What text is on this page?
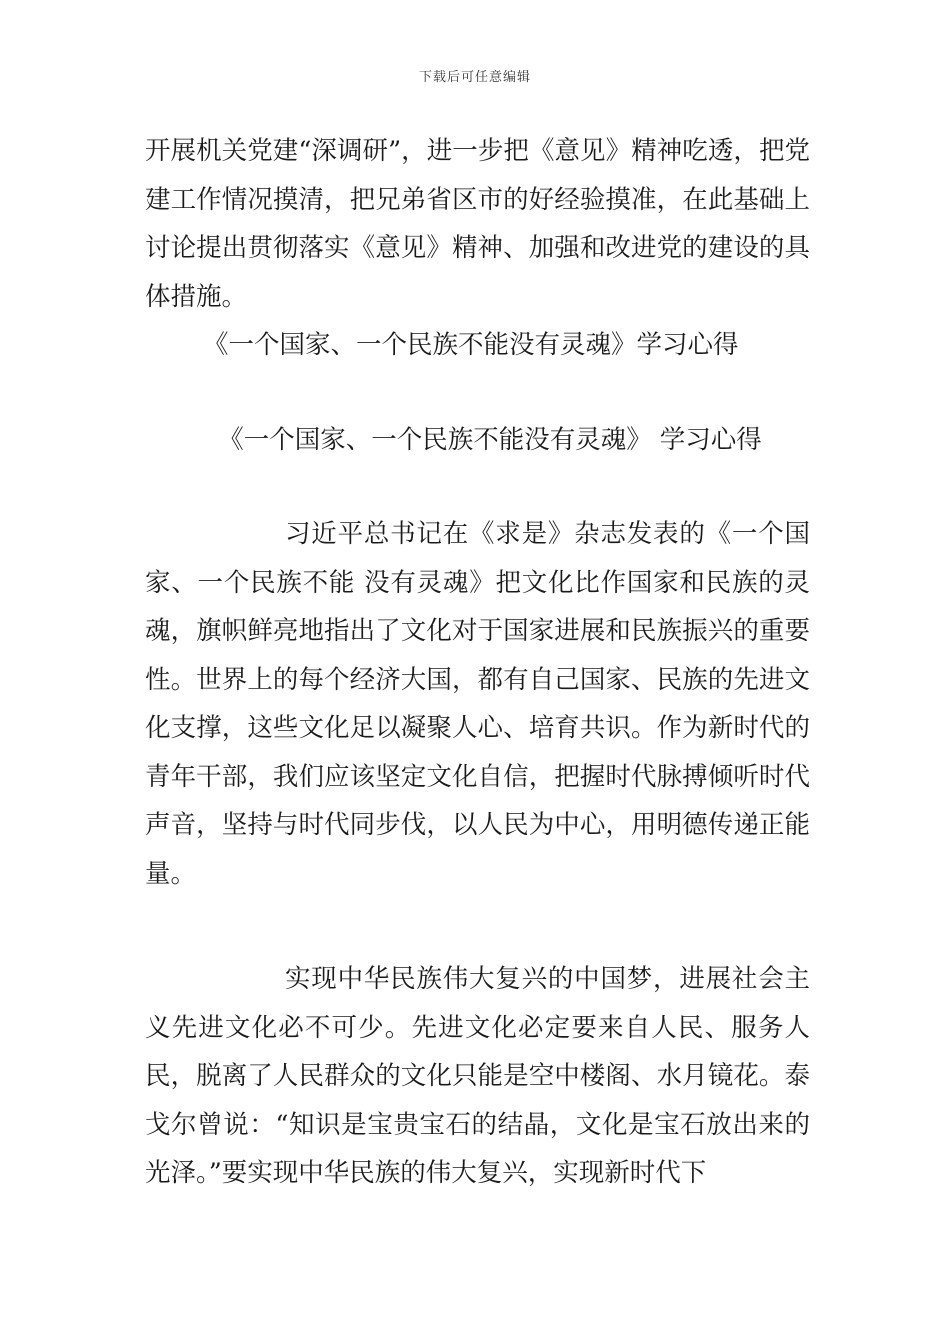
下载后可任意编辑

开展机关党建“深调研”，进一步把《意见》精神吃透，把党建工作情况摸清，把兄弟省区市的好经验摸准，在此基础上讨论提出贯彻落实《意见》精神、加强和改进党的建设的具体措施。

《一个国家、一个民族不能没有灵魂》学习心得

《一个国家、一个民族不能没有灵魂》 学习心得

习近平总书记在《求是》杂志发表的《一个国家、一个民族不能 没有灵魂》把文化比作国家和民族的灵魂，旗帜鲜亮地指出了文化对于国家进展和民族振兴的重要性。世界上的每个经济大国，都有自己国家、民族的先进文化支撑，这些文化足以凝聚人心、培育共识。作为新时代的青年干部，我们应该坚定文化自信，把握时代脉搏倾听时代声音，坚持与时代同步伐，以人民为中心，用明德传递正能量。

实现中华民族伟大复兴的中国梦，进展社会主义先进文化必不可少。先进文化必定要来自人民、服务人民，脱离了人民群众的文化只能是空中楼阁、水月镜花。泰戈尔曾说：“知识是宝贵宝石的结晶，文化是宝石放出来的光泽。”要实现中华民族的伟大复兴，实现新时代下
